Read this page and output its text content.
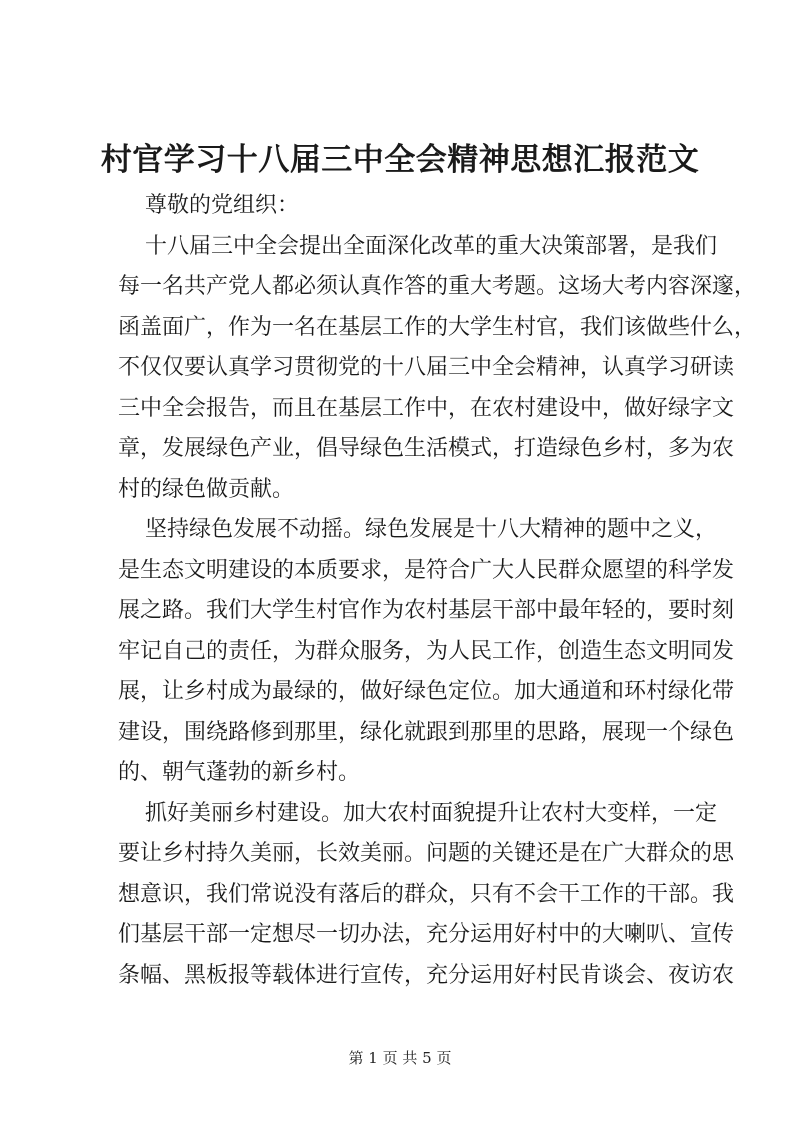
村官学习十八届三中全会精神思想汇报范文
尊敬的党组织：
十八届三中全会提出全面深化改革的重大决策部署，是我们
每一名共产党人都必须认真作答的重大考题。这场大考内容深邃，
函盖面广，作为一名在基层工作的大学生村官，我们该做些什么，
不仅仅要认真学习贯彻党的十八届三中全会精神，认真学习研读
三中全会报告，而且在基层工作中，在农村建设中，做好绿字文
章，发展绿色产业，倡导绿色生活模式，打造绿色乡村，多为农
村的绿色做贡献。
坚持绿色发展不动摇。绿色发展是十八大精神的题中之义，
是生态文明建设的本质要求，是符合广大人民群众愿望的科学发
展之路。我们大学生村官作为农村基层干部中最年轻的，要时刻
牢记自己的责任，为群众服务，为人民工作，创造生态文明同发
展，让乡村成为最绿的，做好绿色定位。加大通道和环村绿化带
建设，围绕路修到那里，绿化就跟到那里的思路，展现一个绿色
的、朝气蓬勃的新乡村。
抓好美丽乡村建设。加大农村面貌提升让农村大变样，一定
要让乡村持久美丽，长效美丽。问题的关键还是在广大群众的思
想意识，我们常说没有落后的群众，只有不会干工作的干部。我
们基层干部一定想尽一切办法，充分运用好村中的大喇叭、宣传
条幅、黑板报等载体进行宣传，充分运用好村民肯谈会、夜访农
第 1 页 共 5 页
